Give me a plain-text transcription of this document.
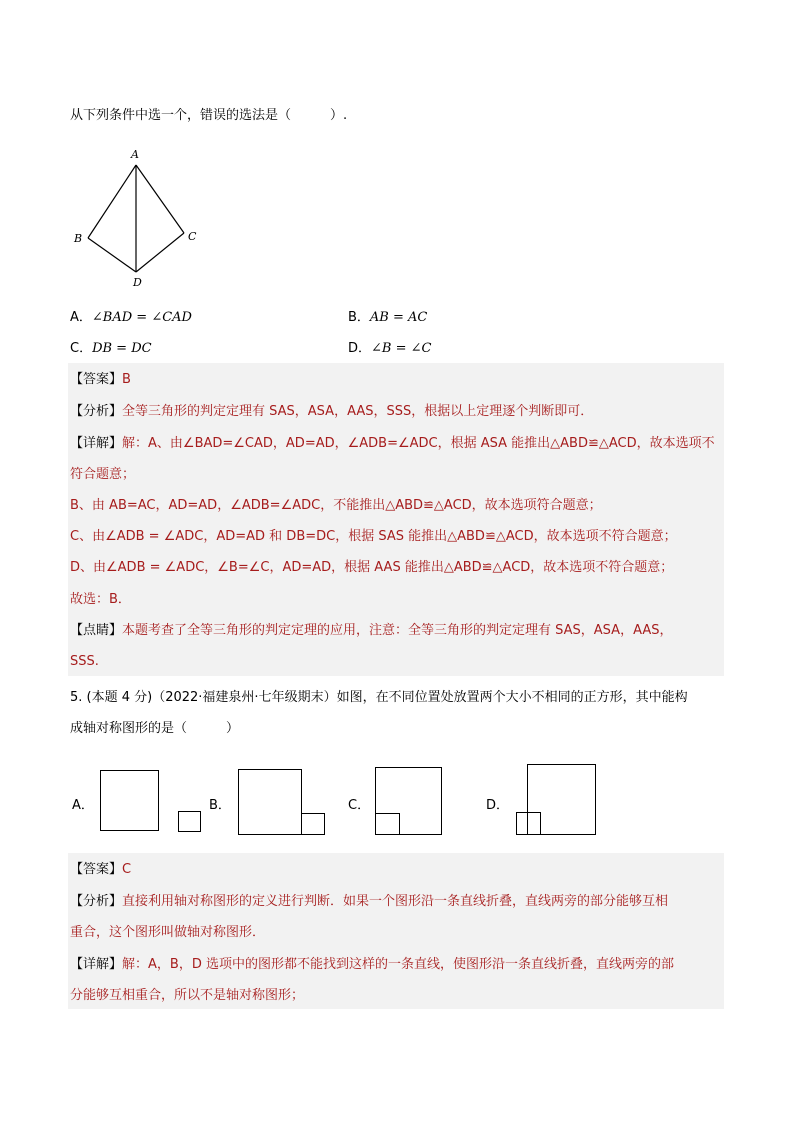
从下列条件中选一个，错误的选法是（　　　）.
A
B	C
D
A．∠BAD = ∠CAD	B．AB = AC
C．DB = DC	D．∠B = ∠C
【答案】B
【分析】全等三角形的判定定理有 SAS，ASA，AAS，SSS，根据以上定理逐个判断即可．
【详解】解：A、由∠BAD=∠CAD，AD=AD，∠ADB=∠ADC，根据 ASA 能推出△ABD≌△ACD，故本选项不
符合题意；
B、由 AB=AC，AD=AD，∠ADB=∠ADC，不能推出△ABD≌△ACD，故本选项符合题意；
C、由∠ADB = ∠ADC，AD=AD 和 DB=DC，根据 SAS 能推出△ABD≌△ACD，故本选项不符合题意；
D、由∠ADB = ∠ADC，∠B=∠C，AD=AD，根据 AAS 能推出△ABD≌△ACD，故本选项不符合题意；
故选：B．
【点睛】本题考查了全等三角形的判定定理的应用，注意：全等三角形的判定定理有 SAS，ASA，AAS，
SSS.
5. (本题 4 分)（2022·福建泉州·七年级期末）如图，在不同位置处放置两个大小不相同的正方形，其中能构
成轴对称图形的是（　　　）
A．	B．	C．	D．
【答案】C
【分析】直接利用轴对称图形的定义进行判断．如果一个图形沿一条直线折叠，直线两旁的部分能够互相
重合，这个图形叫做轴对称图形．
【详解】解：A，B，D 选项中的图形都不能找到这样的一条直线，使图形沿一条直线折叠，直线两旁的部
分能够互相重合，所以不是轴对称图形；
